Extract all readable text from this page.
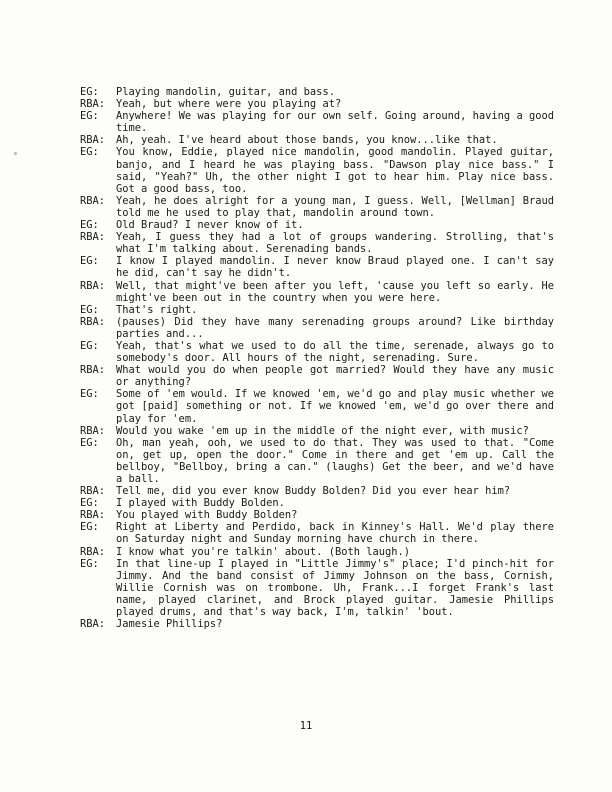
EG:	Playing mandolin, guitar, and bass.
RBA:	Yeah, but where were you playing at?
EG:	Anywhere! We was playing for our own self. Going around, having a good time.
RBA:	Ah, yeah. I've heard about those bands, you know...like that.
EG:	You know, Eddie, played nice mandolin, good mandolin. Played guitar, banjo, and I heard he was playing bass. "Dawson play nice bass." I said, "Yeah?" Uh, the other night I got to hear him. Play nice bass. Got a good bass, too.
RBA:	Yeah, he does alright for a young man, I guess. Well, [Wellman] Braud told me he used to play that, mandolin around town.
EG:	Old Braud? I never know of it.
RBA:	Yeah, I guess they had a lot of groups wandering. Strolling, that's what I'm talking about. Serenading bands.
EG:	I know I played mandolin. I never know Braud played one. I can't say he did, can't say he didn't.
RBA:	Well, that might've been after you left, 'cause you left so early. He might've been out in the country when you were here.
EG:	That's right.
RBA:	(pauses) Did they have many serenading groups around? Like birthday parties and...
EG:	Yeah, that's what we used to do all the time, serenade, always go to somebody's door. All hours of the night, serenading. Sure.
RBA:	What would you do when people got married? Would they have any music or anything?
EG:	Some of 'em would. If we knowed 'em, we'd go and play music whether we got [paid] something or not. If we knowed 'em, we'd go over there and play for 'em.
RBA:	Would you wake 'em up in the middle of the night ever, with music?
EG:	Oh, man yeah, ooh, we used to do that. They was used to that. "Come on, get up, open the door." Come in there and get 'em up. Call the bellboy, "Bellboy, bring a can." (laughs) Get the beer, and we'd have a ball.
RBA:	Tell me, did you ever know Buddy Bolden? Did you ever hear him?
EG:	I played with Buddy Bolden.
RBA:	You played with Buddy Bolden?
EG:	Right at Liberty and Perdido, back in Kinney's Hall. We'd play there on Saturday night and Sunday morning have church in there.
RBA:	I know what you're talkin' about. (Both laugh.)
EG:	In that line-up I played in "Little Jimmy's" place; I'd pinch-hit for Jimmy. And the band consist of Jimmy Johnson on the bass, Cornish, Willie Cornish was on trombone. Uh, Frank...I forget Frank's last name, played clarinet, and Brock played guitar. Jamesie Phillips played drums, and that's way back, I'm, talkin' 'bout.
RBA:	Jamesie Phillips?
11
